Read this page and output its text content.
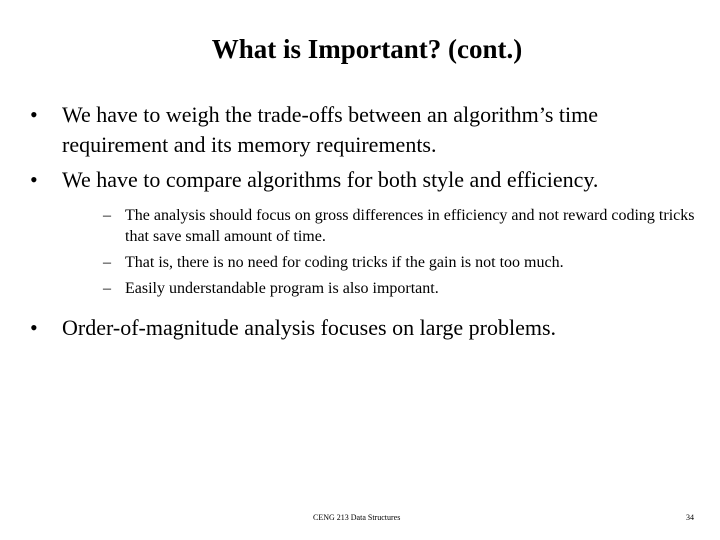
What is Important? (cont.)
•	We have to weigh the trade-offs between an algorithm’s time requirement and its memory requirements.
•	We have to compare algorithms for both style and efficiency.
– The analysis should focus on gross differences in efficiency and not reward coding tricks that save small amount of time.
– That is, there is no need for coding tricks if the gain is not too much.
– Easily understandable program is also important.
•	Order-of-magnitude analysis focuses on large problems.
CENG 213 Data Structures	34
